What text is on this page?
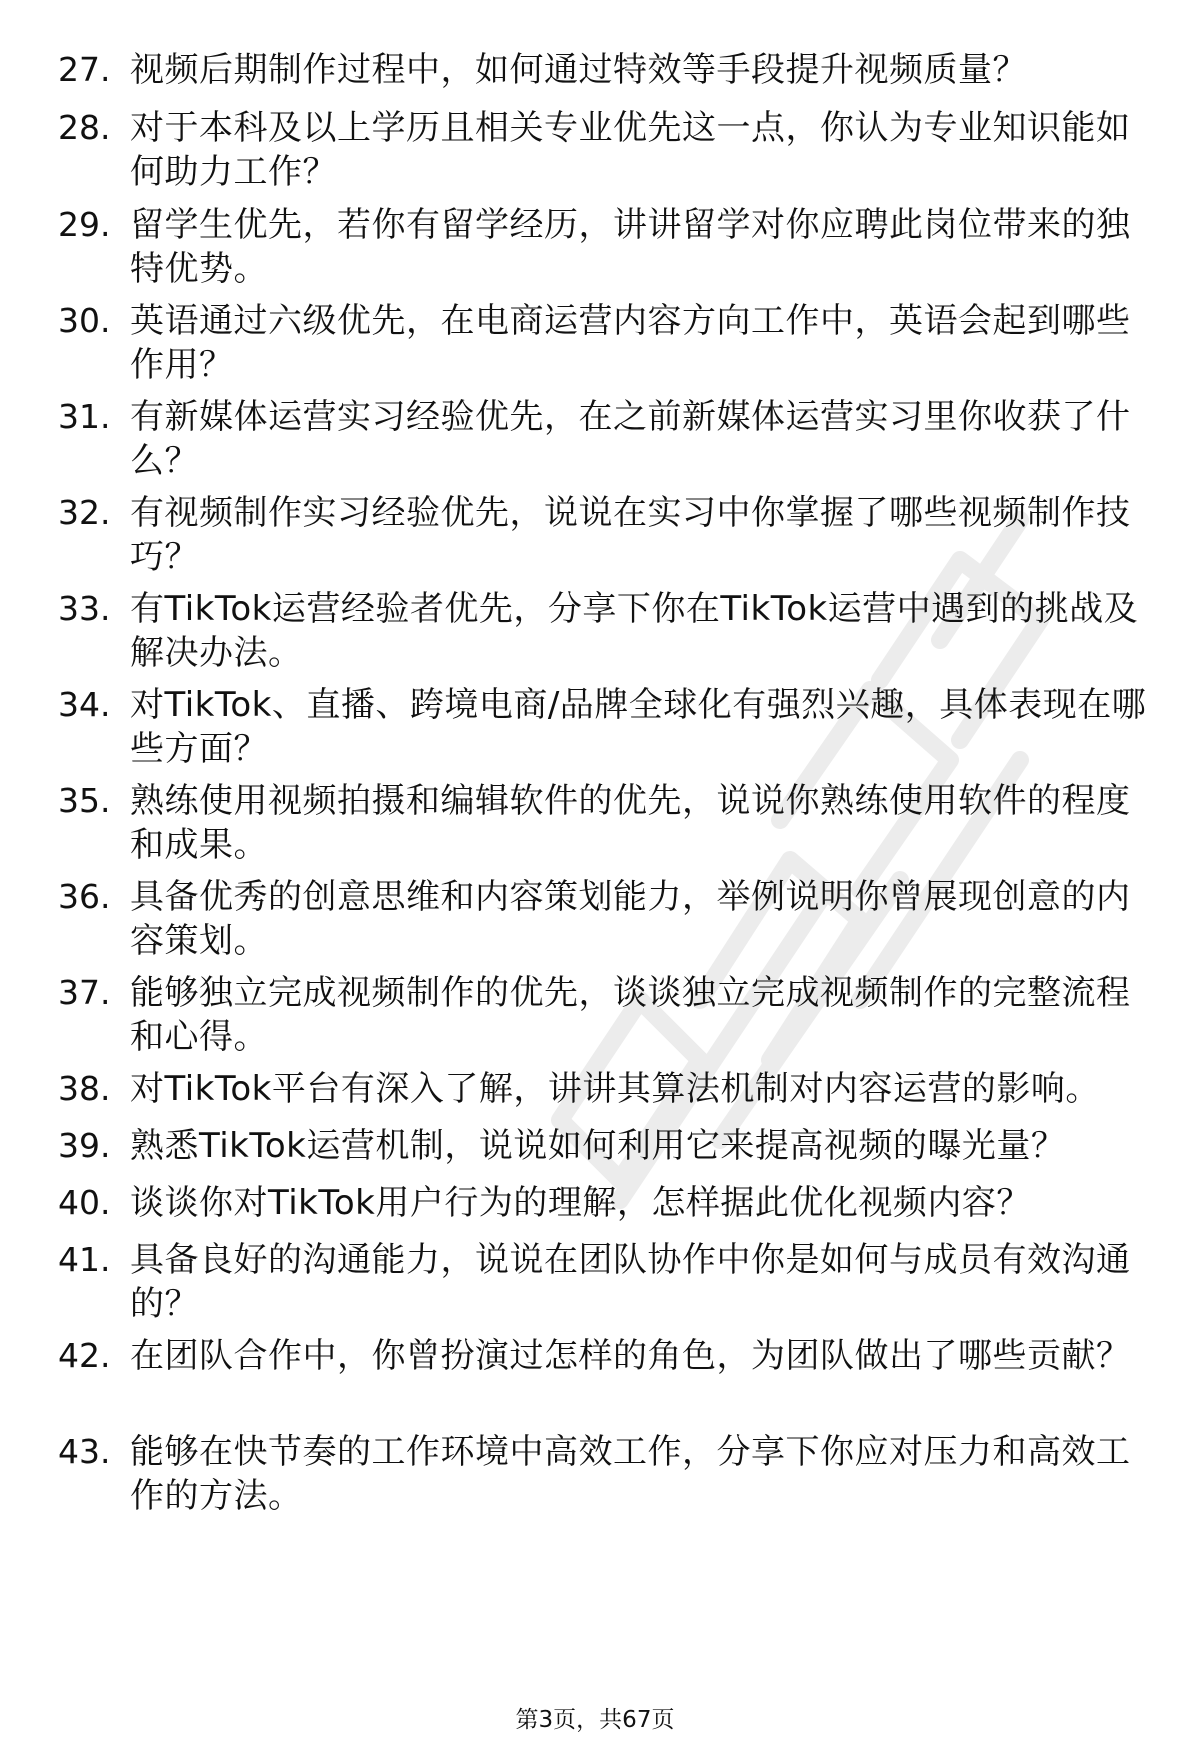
27. 视频后期制作过程中，如何通过特效等手段提升视频质量？
28. 对于本科及以上学历且相关专业优先这一点，你认为专业知识能如何助力工作？
29. 留学生优先，若你有留学经历，讲讲留学对你应聘此岗位带来的独特优势。
30. 英语通过六级优先，在电商运营内容方向工作中，英语会起到哪些作用？
31. 有新媒体运营实习经验优先，在之前新媒体运营实习里你收获了什么？
32. 有视频制作实习经验优先，说说在实习中你掌握了哪些视频制作技巧？
33. 有TikTok运营经验者优先，分享下你在TikTok运营中遇到的挑战及解决办法。
34. 对TikTok、直播、跨境电商/品牌全球化有强烈兴趣，具体表现在哪些方面？
35. 熟练使用视频拍摄和编辑软件的优先，说说你熟练使用软件的程度和成果。
36. 具备优秀的创意思维和内容策划能力，举例说明你曾展现创意的内容策划。
37. 能够独立完成视频制作的优先，谈谈独立完成视频制作的完整流程和心得。
38. 对TikTok平台有深入了解，讲讲其算法机制对内容运营的影响。
39. 熟悉TikTok运营机制，说说如何利用它来提高视频的曝光量？
40. 谈谈你对TikTok用户行为的理解，怎样据此优化视频内容？
41. 具备良好的沟通能力，说说在团队协作中你是如何与成员有效沟通的？
42. 在团队合作中，你曾扮演过怎样的角色，为团队做出了哪些贡献？
43. 能够在快节奏的工作环境中高效工作，分享下你应对压力和高效工作的方法。
第3页，共67页
